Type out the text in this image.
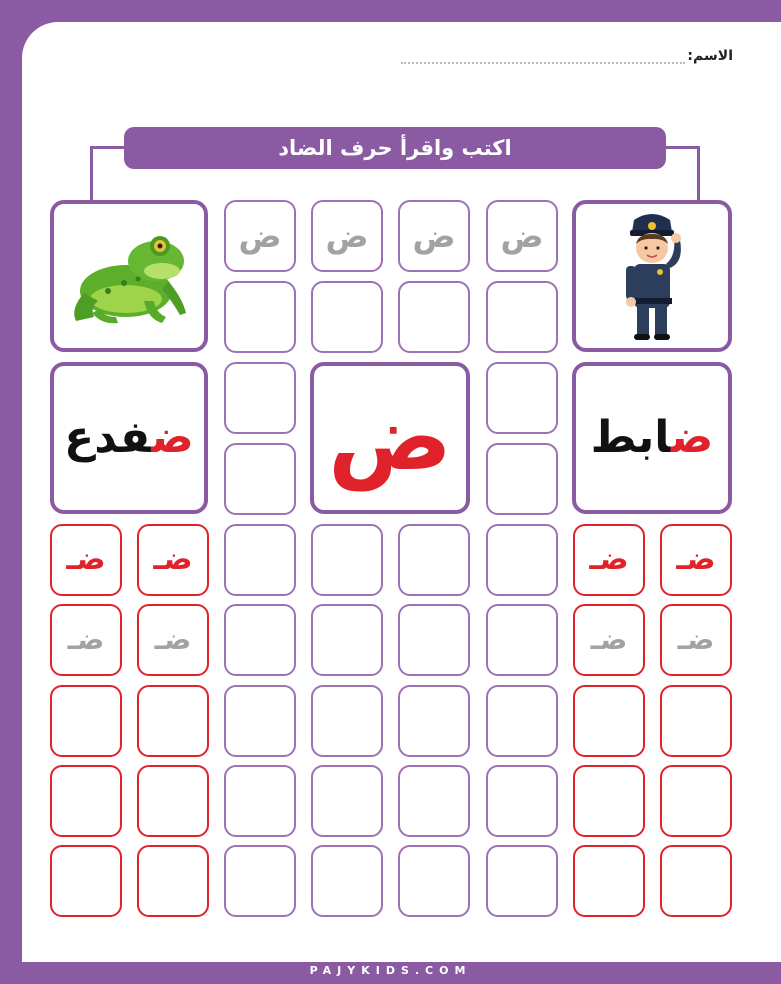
الاسم:
اكتب واقرأ حرف الضاد
ضفدع	ض	ضابط
ض ض ض ض
ضـ ضـ	ضـ ضـ
ضـ ضـ	ضـ ضـ
PAJYKIDS.COM
